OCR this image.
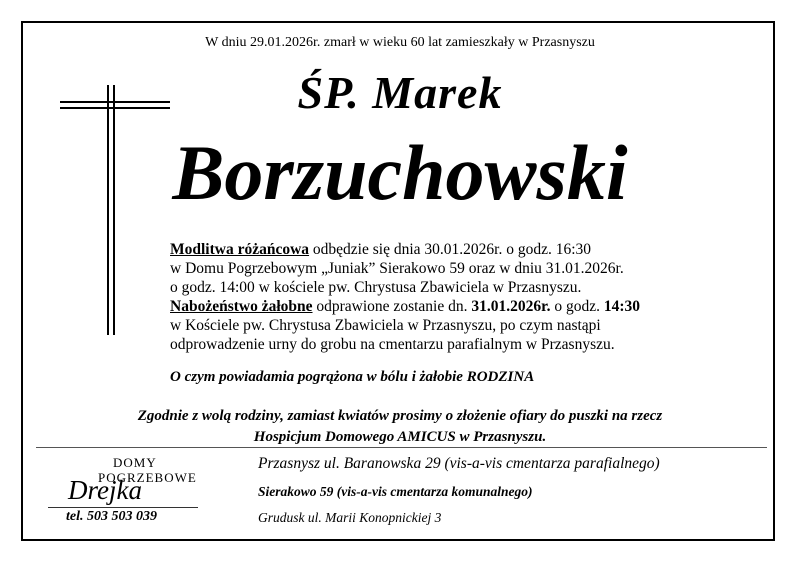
W dniu 29.01.2026r. zmarł w wieku 60 lat zamieszkały w Przasnyszu
ŚP. Marek
Borzuchowski
Modlitwa różańcowa odbędzie się dnia 30.01.2026r. o godz. 16:30
w Domu Pogrzebowym „Juniak” Sierakowo 59 oraz w dniu 31.01.2026r.
o godz. 14:00 w kościele pw. Chrystusa Zbawiciela w Przasnyszu.
Nabożeństwo żałobne odprawione zostanie dn. 31.01.2026r. o godz. 14:30
w Kościele pw. Chrystusa Zbawiciela w Przasnyszu, po czym nastąpi
odprowadzenie urny do grobu na cmentarzu parafialnym w Przasnyszu.
O czym powiadamia pogrążona w bólu i żałobie RODZINA
Zgodnie z wolą rodziny, zamiast kwiatów prosimy o złożenie ofiary do puszki na rzecz
Hospicjum Domowego AMICUS w Przasnyszu.
DOMY
POGRZEBOWE
Drejka
tel. 503 503 039
Przasnysz ul. Baranowska 29 (vis-a-vis cmentarza parafialnego)
Sierakowo 59 (vis-a-vis cmentarza komunalnego)
Grudusk ul. Marii Konopnickiej 3
